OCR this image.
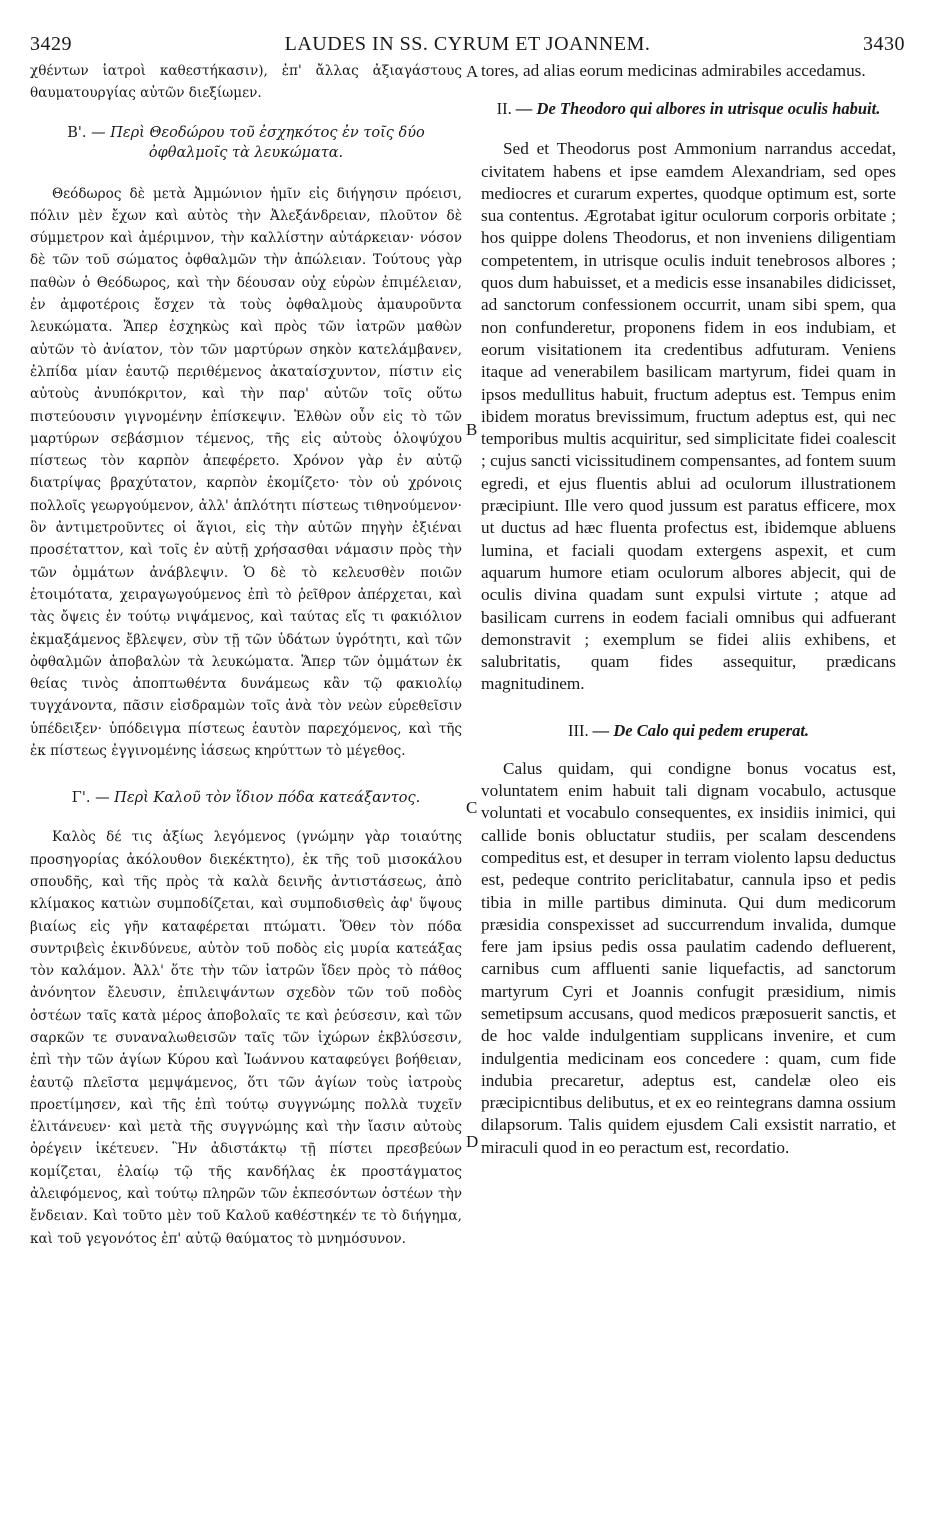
3429	LAUDES IN SS. CYRUM ET JOANNEM.	3430

χθέντων ἰατροὶ καθεστήκασιν), ἐπ' ἄλλας ἀξιαγάστους θαυματουργίας αὐτῶν διεξίωμεν.

Β'. — Περὶ Θεοδώρου τοῦ ἐσχηκότος ἐν τοῖς δύο ὀφθαλμοῖς τὰ λευκώματα.

Θεόδωρος δὲ μετὰ Ἀμμώνιον ἡμῖν εἰς διήγησιν πρόεισι, πόλιν μὲν ἔχων καὶ αὐτὸς τὴν Ἀλεξάνδρειαν, πλοῦτον δὲ σύμμετρον καὶ ἀμέριμνον, τὴν καλλίστην αὐτάρκειαν· νόσον δὲ τῶν τοῦ σώματος ὀφθαλμῶν τὴν ἀπώλειαν. Τούτους γὰρ παθὼν ὁ Θεόδωρος, καὶ τὴν δέουσαν οὐχ εὑρὼν ἐπιμέλειαν, ἐν ἀμφοτέροις ἔσχεν τὰ τοὺς ὀφθαλμοὺς ἀμαυροῦντα λευκώματα. Ἅπερ ἐσχηκὼς καὶ πρὸς τῶν ἰατρῶν μαθὼν αὐτῶν τὸ ἀνίατον, τὸν τῶν μαρτύρων σηκὸν κατελάμβανεν, ἐλπίδα μίαν ἑαυτῷ περιθέμενος ἀκαταίσχυντον, πίστιν εἰς αὐτοὺς ἀνυπόκριτον, καὶ τὴν παρ' αὐτῶν τοῖς οὕτω πιστεύουσιν γιγνομένην ἐπίσκεψιν. Ἐλθὼν οὖν εἰς τὸ τῶν μαρτύρων σεβάσμιον τέμενος, τῆς εἰς αὐτοὺς ὁλοψύχου πίστεως τὸν καρπὸν ἀπεφέρετο. Χρόνον γὰρ ἐν αὐτῷ διατρίψας βραχύτατον, καρπὸν ἐκομίζετο· τὸν οὐ χρόνοις πολλοῖς γεωργούμενον, ἀλλ' ἁπλότητι πίστεως τιθηνούμενον· ὃν ἀντιμετροῦντες οἱ ἅγιοι, εἰς τὴν αὐτῶν πηγὴν ἐξιέναι προσέταττον, καὶ τοῖς ἐν αὐτῇ χρήσασθαι νάμασιν πρὸς τὴν τῶν ὀμμάτων ἀνάβλεψιν. Ὁ δὲ τὸ κελευσθὲν ποιῶν ἑτοιμότατα, χειραγωγούμενος ἐπὶ τὸ ῥεῖθρον ἀπέρχεται, καὶ τὰς ὄψεις ἐν τούτῳ νιψάμενος, καὶ ταύτας εἴς τι φακιόλιον ἐκμαξάμενος ἔβλεψεν, σὺν τῇ τῶν ὑδάτων ὑγρότητι, καὶ τῶν ὀφθαλμῶν ἀποβαλὼν τὰ λευκώματα. Ἅπερ τῶν ὀμμάτων ἐκ θείας τινὸς ἀποπτωθέντα δυνάμεως κἂν τῷ φακιολίῳ τυγχάνοντα, πᾶσιν εἰσδραμὼν τοῖς ἀνὰ τὸν νεὼν εὑρεθεῖσιν ὑπέδειξεν· ὑπόδειγμα πίστεως ἑαυτὸν παρεχόμενος, καὶ τῆς ἐκ πίστεως ἐγγινομένης ἰάσεως κηρύττων τὸ μέγεθος.

Γ'. — Περὶ Καλοῦ τὸν ἴδιον πόδα κατεάξαντος.

Καλὸς δέ τις ἀξίως λεγόμενος (γνώμην γὰρ τοιαύτης προσηγορίας ἀκόλουθον διεκέκτητο), ἐκ τῆς τοῦ μισοκάλου σπουδῆς, καὶ τῆς πρὸς τὰ καλὰ δεινῆς ἀντιστάσεως, ἀπὸ κλίμακος κατιὼν συμποδίζεται, καὶ συμποδισθεὶς ἀφ' ὕψους βιαίως εἰς γῆν καταφέρεται πτώματι. Ὅθεν τὸν πόδα συντριβεὶς ἐκινδύνευε, αὐτὸν τοῦ ποδὸς εἰς μυρία κατεάξας τὸν καλάμον. Ἀλλ' ὅτε τὴν τῶν ἰατρῶν ἴδεν πρὸς τὸ πάθος ἀνόνητον ἔλευσιν, ἐπιλειψάντων σχεδὸν τῶν τοῦ ποδὸς ὀστέων ταῖς κατὰ μέρος ἀποβολαῖς τε καὶ ῥεύσεσιν, καὶ τῶν σαρκῶν τε συναναλωθεισῶν ταῖς τῶν ἰχώρων ἐκβλύσεσιν, ἐπὶ τὴν τῶν ἁγίων Κύρου καὶ Ἰωάννου καταφεύγει βοήθειαν, ἑαυτῷ πλεῖστα μεμψάμενος, ὅτι τῶν ἁγίων τοὺς ἰατροὺς προετίμησεν, καὶ τῆς ἐπὶ τούτῳ συγγνώμης πολλὰ τυχεῖν ἐλιτάνευεν· καὶ μετὰ τῆς συγγνώμης καὶ τὴν ἴασιν αὐτοὺς ὀρέγειν ἱκέτευεν. Ἣν ἀδιστάκτῳ τῇ πίστει πρεσβεύων κομίζεται, ἐλαίῳ τῷ τῆς κανδήλας ἐκ προστάγματος ἀλειφόμενος, καὶ τούτῳ πληρῶν τῶν ἐκπεσόντων ὀστέων τὴν ἔνδειαν. Καὶ τοῦτο μὲν τοῦ Καλοῦ καθέστηκέν τε τὸ διήγημα, καὶ τοῦ γεγονότος ἐπ' αὐτῷ θαύματος τὸ μνημόσυνον.

tores, ad alias eorum medicinas admirabiles accedamus.

II. — De Theodoro qui albores in utrisque oculis habuit.

Sed et Theodorus post Ammonium narrandus accedat, civitatem habens et ipse eamdem Alexandriam, sed opes mediocres et curarum expertes, quodque optimum est, sorte sua contentus. Ægrotabat igitur oculorum corporis orbitate ; hos quippe dolens Theodorus, et non inveniens diligentiam competentem, in utrisque oculis induit tenebrosos albores ; quos dum habuisset, et a medicis esse insanabiles didicisset, ad sanctorum confessionem occurrit, unam sibi spem, qua non confunderetur, proponens fidem in eos indubiam, et eorum visitationem ita credentibus adfuturam. Veniens itaque ad venerabilem basilicam martyrum, fidei quam in ipsos medullitus habuit, fructum adeptus est. Tempus enim ibidem moratus brevissimum, fructum adeptus est, qui nec temporibus multis acquiritur, sed simplicitate fidei coalescit ; cujus sancti vicissitudinem compensantes, ad fontem suum egredi, et ejus fluentis ablui ad oculorum illustrationem præcipiunt. Ille vero quod jussum est paratus efficere, mox ut ductus ad hæc fluenta profectus est, ibidemque abluens lumina, et faciali quodam extergens aspexit, et cum aquarum humore etiam oculorum albores abjecit, qui de oculis divina quadam sunt expulsi virtute ; atque ad basilicam currens in eodem faciali omnibus qui adfuerant demonstravit ; exemplum se fidei aliis exhibens, et salubritatis, quam fides assequitur, prædicans magnitudinem.

III. — De Calo qui pedem eruperat.

Calus quidam, qui condigne bonus vocatus est, voluntatem enim habuit tali dignam vocabulo, actusque voluntati et vocabulo consequentes, ex insidiis inimici, qui callide bonis obluctatur studiis, per scalam descendens compeditus est, et desuper in terram violento lapsu deductus est, pedeque contrito periclitabatur, cannula ipso et pedis tibia in mille partibus diminuta. Qui dum medicorum præsidia conspexisset ad succurrendum invalida, dumque fere jam ipsius pedis ossa paulatim cadendo defluerent, carnibus cum affluenti sanie liquefactis, ad sanctorum martyrum Cyri et Joannis confugit præsidium, nimis semetipsum accusans, quod medicos præposuerit sanctis, et de hoc valde indulgentiam supplicans invenire, et cum indulgentia medicinam eos concedere : quam, cum fide indubia precaretur, adeptus est, candelæ oleo eis præcipicntibus delibutus, et ex eo reintegrans damna ossium dilapsorum. Talis quidem ejusdem Cali exsistit narratio, et miraculi quod in eo peractum est, recordatio.

A
B
C
D
